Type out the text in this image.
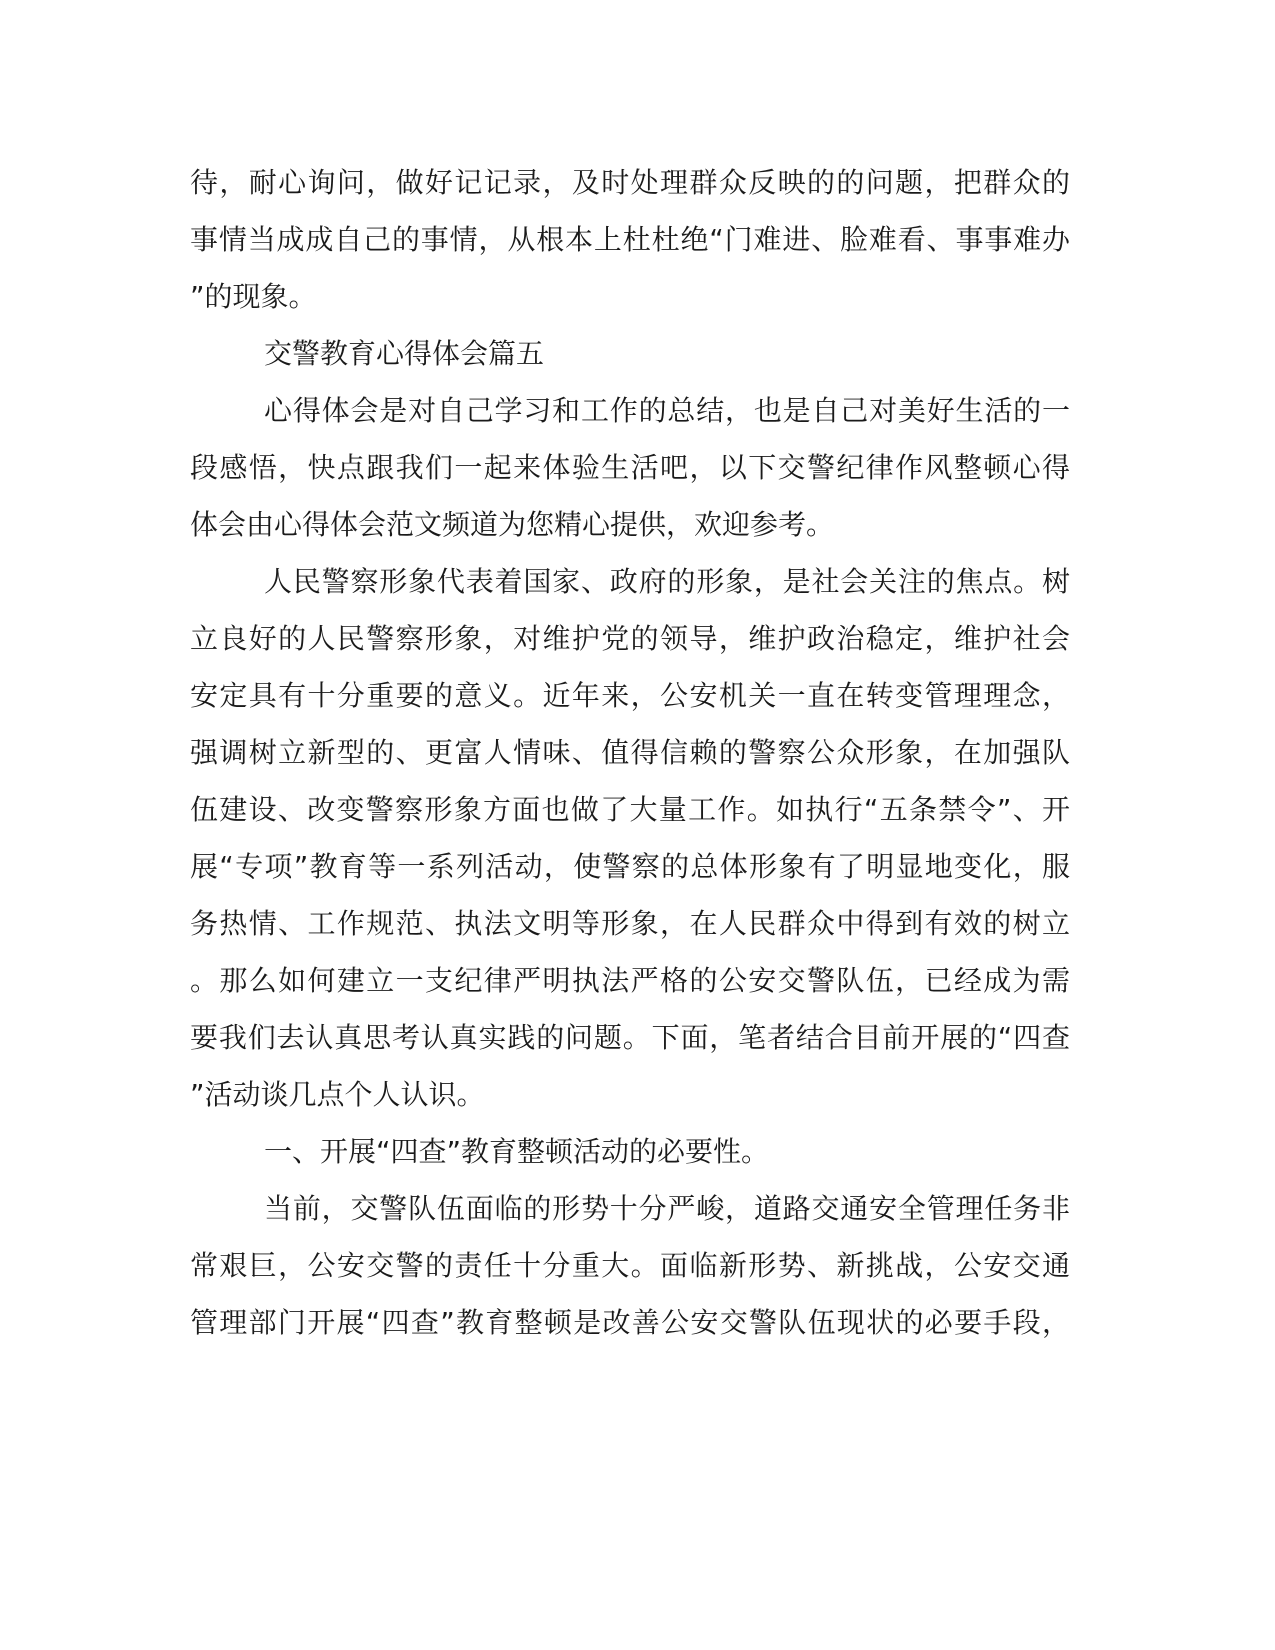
待，耐心询问，做好记记录，及时处理群众反映的的问题，把群众的
事情当成成自己的事情，从根本上杜杜绝“门难进、脸难看、事事难办
”的现象。
交警教育心得体会篇五
心得体会是对自己学习和工作的总结，也是自己对美好生活的一
段感悟，快点跟我们一起来体验生活吧，以下交警纪律作风整顿心得
体会由心得体会范文频道为您精心提供，欢迎参考。
人民警察形象代表着国家、政府的形象，是社会关注的焦点。树
立良好的人民警察形象，对维护党的领导，维护政治稳定，维护社会
安定具有十分重要的意义。近年来，公安机关一直在转变管理理念，
强调树立新型的、更富人情味、值得信赖的警察公众形象，在加强队
伍建设、改变警察形象方面也做了大量工作。如执行“五条禁令”、开
展“专项”教育等一系列活动，使警察的总体形象有了明显地变化，服
务热情、工作规范、执法文明等形象，在人民群众中得到有效的树立
。那么如何建立一支纪律严明执法严格的公安交警队伍，已经成为需
要我们去认真思考认真实践的问题。下面，笔者结合目前开展的“四查
”活动谈几点个人认识。
一、开展“四查”教育整顿活动的必要性。
当前，交警队伍面临的形势十分严峻，道路交通安全管理任务非
常艰巨，公安交警的责任十分重大。面临新形势、新挑战，公安交通
管理部门开展“四查”教育整顿是改善公安交警队伍现状的必要手段，
